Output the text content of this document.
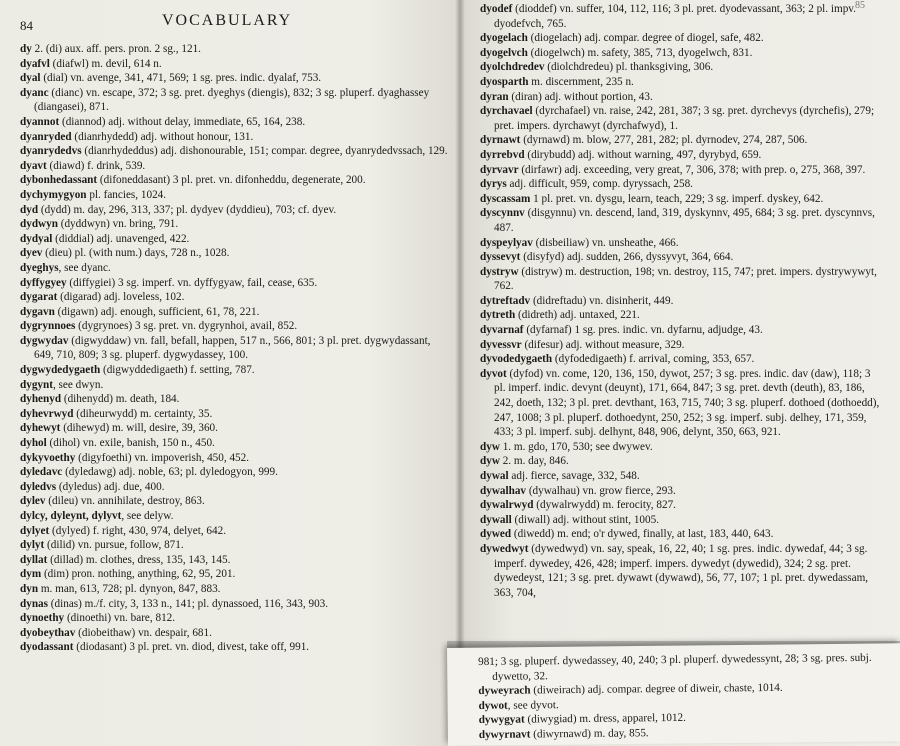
84	VOCABULARY
85

dy 2. (di) aux. aff. pers. pron. 2 sg., 121.

dyafvl (diafwl) m. devil, 614 n.

dyal (dial) vn. avenge, 341, 471, 569; 1 sg. pres. indic. dyalaf, 753.

dyanc (dianc) vn. escape, 372; 3 sg. pret. dyeghys (diengis), 832; 3 sg. pluperf. dyaghassey (diangasei), 871.

dyannot (diannod) adj. without delay, immediate, 65, 164, 238.

dyanryded (dianrhydedd) adj. without honour, 131.

dyanrydedvs (dianrhydeddus) adj. dishonourable, 151; compar. degree, dyanrydedvssach, 129.

dyavt (diawd) f. drink, 539.

dybonhedassant (difoneddasant) 3 pl. pret. vn. difonheddu, degenerate, 200.

dychymygyon pl. fancies, 1024.

dyd (dydd) m. day, 296, 313, 337; pl. dydyev (dyddieu), 703; cf. dyev.

dydwyn (dyddwyn) vn. bring, 791.

dydyal (diddial) adj. unavenged, 422.

dyev (dieu) pl. (with num.) days, 728 n., 1028.

dyeghys, see dyanc.

dyffygyey (diffygiei) 3 sg. imperf. vn. dyffygyaw, fail, cease, 635.

dygarat (digarad) adj. loveless, 102.

dygavn (digawn) adj. enough, sufficient, 61, 78, 221.

dygrynnoes (dygrynoes) 3 sg. pret. vn. dygrynhoi, avail, 852.

dygwydav (digwyddaw) vn. fall, befall, happen, 517 n., 566, 801; 3 pl. pret. dygwydassant, 649, 710, 809; 3 sg. pluperf. dygwydassey, 100.

dygwydedygaeth (digwyddedigaeth) f. setting, 787.

dygynt, see dwyn.

dyhenyd (dihenydd) m. death, 184.

dyhevrwyd (diheurwydd) m. certainty, 35.

dyhewyt (dihewyd) m. will, desire, 39, 360.

dyhol (dihol) vn. exile, banish, 150 n., 450.

dykyvoethy (digyfoethi) vn. impoverish, 450, 452.

dyledavc (dyledawg) adj. noble, 63; pl. dyledogyon, 999.

dyledvs (dyledus) adj. due, 400.

dylev (dileu) vn. annihilate, destroy, 863.

dylcy, dyleynt, dylyvt, see delyw.

dylyet (dylyed) f. right, 430, 974, delyet, 642.

dylyt (dilid) vn. pursue, follow, 871.

dyllat (dillad) m. clothes, dress, 135, 143, 145.

dym (dim) pron. nothing, anything, 62, 95, 201.

dyn m. man, 613, 728; pl. dynyon, 847, 883.

dynas (dinas) m./f. city, 3, 133 n., 141; pl. dynassoed, 116, 343, 903.

dynoethy (dinoethi) vn. bare, 812.

dyobeythav (diobeithaw) vn. despair, 681.

dyodassant (diodasant) 3 pl. pret. vn. diod, divest, take off, 991.

dyodef (dioddef) vn. suffer, 104, 112, 116; 3 pl. pret. dyodevassant, 363; 2 pl. impv. dyodefvch, 765.

dyogelach (diogelach) adj. compar. degree of diogel, safe, 482.

dyogelvch (diogelwch) m. safety, 385, 713, dyogelwch, 831.

dyolchdredev (diolchdredeu) pl. thanksgiving, 306.

dyosparth m. discernment, 235 n.

dyran (diran) adj. without portion, 43.

dyrchavael (dyrchafael) vn. raise, 242, 281, 387; 3 sg. pret. dyrchevys (dyrchefis), 279; pret. impers. dyrchawyt (dyrchafwyd), 1.

dyrnawt (dyrnawd) m. blow, 277, 281, 282; pl. dyrnodev, 274, 287, 506.

dyrrebvd (dirybudd) adj. without warning, 497, dyrybyd, 659.

dyrvavr (dirfawr) adj. exceeding, very great, 7, 306, 378; with prep. o, 275, 368, 397.

dyrys adj. difficult, 959, comp. dyryssach, 258.

dyscassam 1 pl. pret. vn. dysgu, learn, teach, 229; 3 sg. imperf. dyskey, 642.

dyscynnv (disgynnu) vn. descend, land, 319, dyskynnv, 495, 684; 3 sg. pret. dyscynnvs, 487.

dyspeylyav (disbeiliaw) vn. unsheathe, 466.

dyssevyt (disyfyd) adj. sudden, 266, dyssyvyt, 364, 664.

dystryw (distryw) m. destruction, 198; vn. destroy, 115, 747; pret. impers. dystrywywyt, 762.

dytreftadv (didreftadu) vn. disinherit, 449.

dytreth (didreth) adj. untaxed, 221.

dyvarnaf (dyfarnaf) 1 sg. pres. indic. vn. dyfarnu, adjudge, 43.

dyvessvr (difesur) adj. without measure, 329.

dyvodedygaeth (dyfodedigaeth) f. arrival, coming, 353, 657.

dyvot (dyfod) vn. come, 120, 136, 150, dywot, 257; 3 sg. pres. indic. dav (daw), 118; 3 pl. imperf. indic. devynt (deuynt), 171, 664, 847; 3 sg. pret. devth (deuth), 83, 186, 242, doeth, 132; 3 pl. pret. devthant, 163, 715, 740; 3 sg. pluperf. dothoed (dothoedd), 247, 1008; 3 pl. pluperf. dothoedynt, 250, 252; 3 sg. imperf. subj. delhey, 171, 359, 433; 3 pl. imperf. subj. delhynt, 848, 906, delynt, 350, 663, 921.

dyw 1. m. gdo, 170, 530; see dwywev.

dyw 2. m. day, 846.

dywal adj. fierce, savage, 332, 548.

dywalhav (dywalhau) vn. grow fierce, 293.

dywalrwyd (dywalrwydd) m. ferocity, 827.

dywall (diwall) adj. without stint, 1005.

dywed (diwedd) m. end; o'r dywed, finally, at last, 183, 440, 643.

dywedwyt (dywedwyd) vn. say, speak, 16, 22, 40; 1 sg. pres. indic. dywedaf, 44; 3 sg. imperf. dywedey, 426, 428; imperf. impers. dywedyt (dywedid), 324; 2 sg. pret. dywedeyst, 121; 3 sg. pret. dywawt (dywawd), 56, 77, 107; 1 pl. pret. dywedassam, 363, 704,

981; 3 sg. pluperf. dywedassey, 40, 240; 3 pl. pluperf. dywedessynt, 28; 3 sg. pres. subj. dywetto, 32.

dyweyrach (diweirach) adj. compar. degree of diweir, chaste, 1014.

dywot, see dyvot.

dywygyat (diwygiad) m. dress, apparel, 1012.

dywyrnavt (diwyrnawd) m. day, 855.
